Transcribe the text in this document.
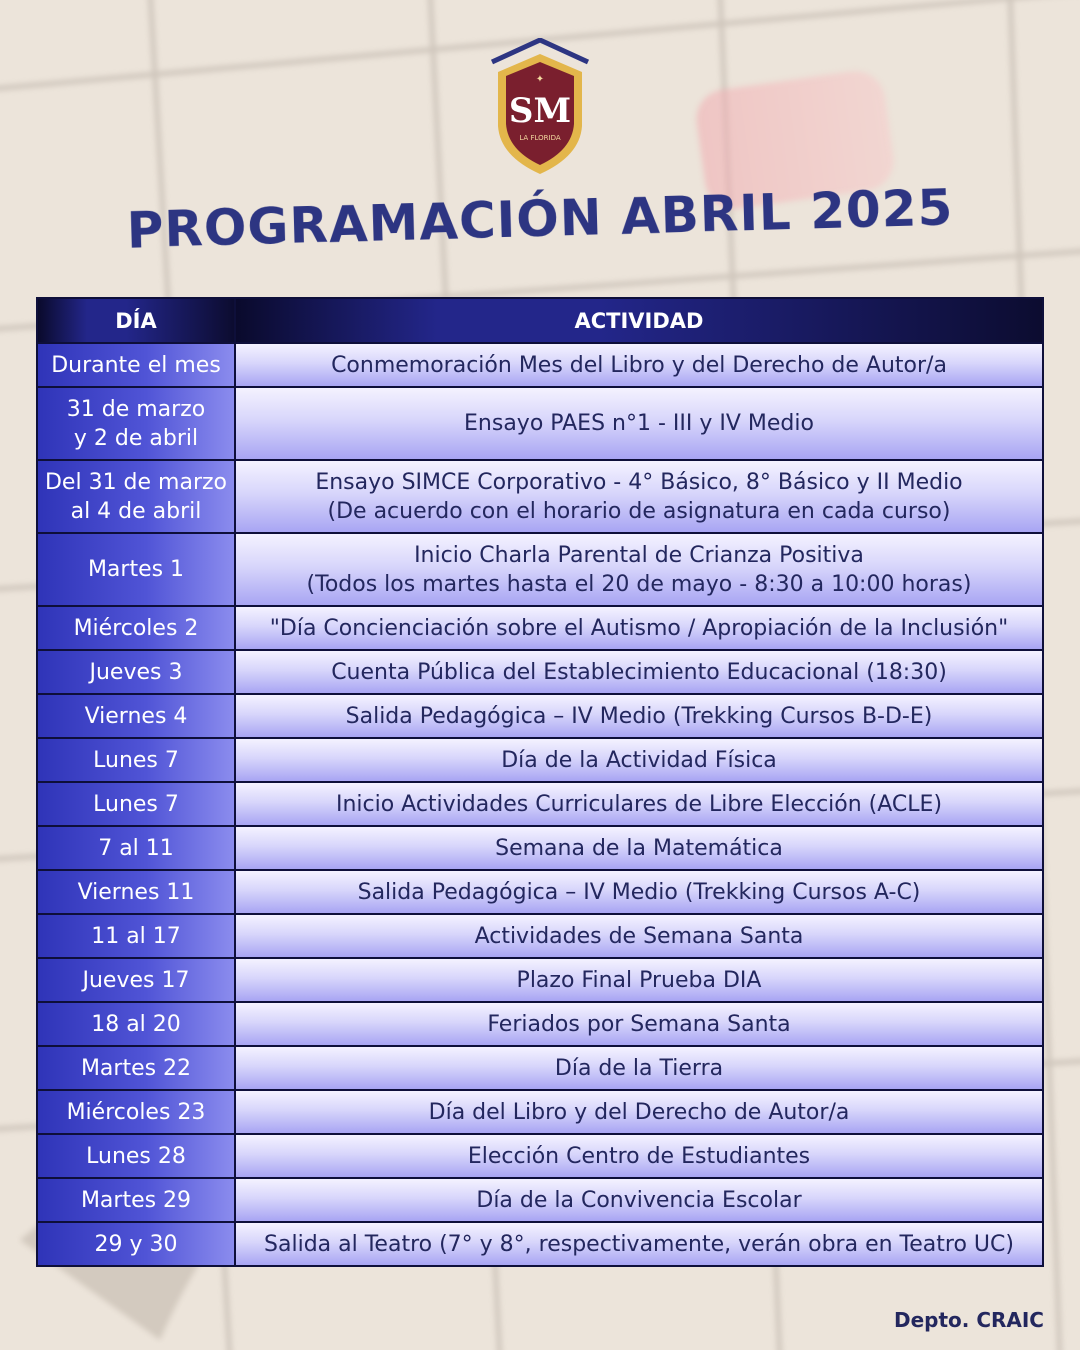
✦
SM
LA FLORIDA
PROGRAMACIÓN ABRIL 2025
DÍA	ACTIVIDAD
Durante el mes	Conmemoración Mes del Libro y del Derecho de Autor/a
31 de marzo
y 2 de abril	Ensayo PAES n°1 - III y IV Medio
Del 31 de marzo
al 4 de abril	Ensayo SIMCE Corporativo - 4° Básico, 8° Básico y II Medio
(De acuerdo con el horario de asignatura en cada curso)
Martes 1	Inicio Charla Parental de Crianza Positiva
(Todos los martes hasta el 20 de mayo - 8:30 a 10:00 horas)
Miércoles 2	"Día Concienciación sobre el Autismo / Apropiación de la Inclusión"
Jueves 3	Cuenta Pública del Establecimiento Educacional (18:30)
Viernes 4	Salida Pedagógica – IV Medio (Trekking Cursos B-D-E)
Lunes 7	Día de la Actividad Física
Lunes 7	Inicio Actividades Curriculares de Libre Elección (ACLE)
7 al 11	Semana de la Matemática
Viernes 11	Salida Pedagógica – IV Medio (Trekking Cursos A-C)
11 al 17	Actividades de Semana Santa
Jueves 17	Plazo Final Prueba DIA
18 al 20	Feriados por Semana Santa
Martes 22	Día de la Tierra
Miércoles 23	Día del Libro y del Derecho de Autor/a
Lunes 28	Elección Centro de Estudiantes
Martes 29	Día de la Convivencia Escolar
29 y 30	Salida al Teatro (7° y 8°, respectivamente, verán obra en Teatro UC)
Depto. CRAIC
